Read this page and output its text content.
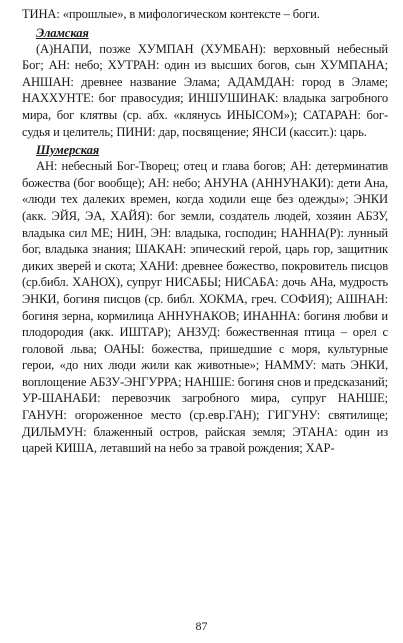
ТИНА: «прошлые», в мифологическом контексте – боги.

Эламская

(А)НАПИ, позже ХУМПАН (ХУМБАН): верховный небесный Бог; АН: небо; ХУТРАН: один из высших богов, сын ХУМПАНА; АНШАН: древнее название Элама; АДАМДАН: город в Эламе; НАХХУНТЕ: бог правосудия; ИНШУШИНАК: владыка загробного мира, бог клятвы (ср. абх. «клянусь ИНЫСОМ»); САТАРАН: бог-судья и целитель; ПИНИ: дар, посвящение; ЯНСИ (кассит.): царь.

Шумерская

АН: небесный Бог-Творец; отец и глава богов; АН: детерминатив божества (бог вообще); АН: небо; АНУНА (АННУНАКИ): дети Ана, «люди тех далеких времен, когда ходили еще без одежды»; ЭНКИ (акк. ЭЙЯ, ЭА, ХАЙЯ): бог земли, создатель людей, хозяин АБЗУ, владыка сил МЕ; НИН, ЭН: владыка, господин; НАННА(Р): лунный бог, владыка знания; ШАКАН: эпический герой, царь гор, защитник диких зверей и скота; ХАНИ: древнее божество, покровитель писцов (ср.библ. ХАНОХ), супруг НИСАБЫ; НИСАБА: дочь АНа, мудрость ЭНКИ, богиня писцов (ср. библ. ХОКМА, греч. СОФИЯ); АШНАН: богиня зерна, кормилица АННУНАКОВ; ИНАННА: богиня любви и плодородия (акк. ИШТАР); АНЗУД: божественная птица – орел с головой льва; ОАНЫ: божества, пришедшие с моря, культурные герои, «до них люди жили как животные»; НАММУ: мать ЭНКИ, воплощение АБЗУ-ЭНГУРРА; НАНШЕ: богиня снов и предсказаний; УР-ШАНАБИ: перевозчик загробного мира, супруг НАНШЕ; ГАНУН: огороженное место (ср.евр.ГАН); ГИГУНУ: святилище; ДИЛЬМУН: блаженный остров, райская земля; ЭТАНА: один из царей КИША, летавший на небо за травой рождения; ХАР-

87
